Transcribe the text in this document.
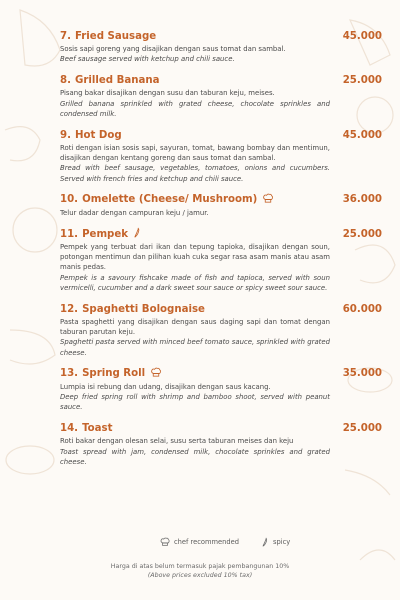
7. Fried Sausage	45.000
Sosis sapi goreng yang disajikan dengan saus tomat dan sambal.
Beef sausage served with ketchup and chili sauce.
8. Grilled Banana	25.000
Pisang bakar disajikan dengan susu dan taburan keju, meises.
Grilled banana sprinkled with grated cheese, chocolate sprinkles and condensed milk.
9. Hot Dog	45.000
Roti dengan isian sosis sapi, sayuran, tomat, bawang bombay dan mentimun, disajikan dengan kentang goreng dan saus tomat dan sambal.
Bread with beef sausage, vegetables, tomatoes, onions and cucumbers. Served with french fries and ketchup and chili sauce.
10. Omelette (Cheese/ Mushroom)	36.000
Telur dadar dengan campuran keju / jamur.
11. Pempek	25.000
Pempek yang terbuat dari ikan dan tepung tapioka, disajikan dengan soun, potongan mentimun dan pilihan kuah cuka segar rasa asam manis atau asam manis pedas.
Pempek is a savoury fishcake made of fish and tapioca, served with soun vermicelli, cucumber and a dark sweet sour sauce or spicy sweet sour sauce.
12. Spaghetti Bolognaise	60.000
Pasta spaghetti yang disajikan dengan saus daging sapi dan tomat dengan taburan parutan keju.
Spaghetti pasta served with minced beef tomato sauce, sprinkled with grated cheese.
13. Spring Roll	35.000
Lumpia isi rebung dan udang, disajikan dengan saus kacang.
Deep fried spring roll with shrimp and bamboo shoot, served with peanut sauce.
14. Toast	25.000
Roti bakar dengan olesan selai, susu serta taburan meises dan keju
Toast spread with jam, condensed milk, chocolate sprinkles and grated cheese.
chef recommended	spicy
Harga di atas belum termasuk pajak pembangunan 10%
(Above prices excluded 10% tax)
